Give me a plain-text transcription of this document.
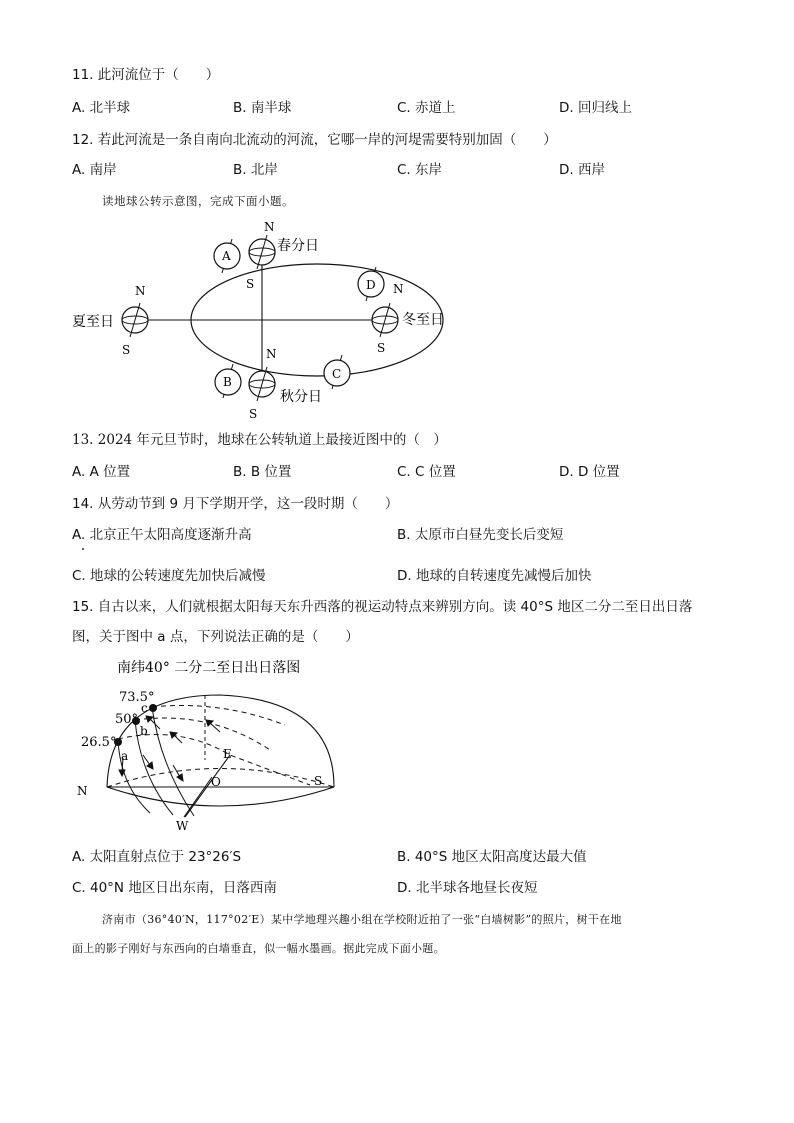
11. 此河流位于（　　）
A. 北半球	B. 南半球	C. 赤道上	D. 回归线上
12. 若此河流是一条自南向北流动的河流，它哪一岸的河堤需要特别加固（　　）
A. 南岸	B. 北岸	C. 东岸	D. 西岸
读地球公转示意图，完成下面小题。
N
S
春分日
N
S
夏至日
N
S
冬至日
N
S
秋分日
A
B
C
D
13. 2024 年元旦节时，地球在公转轨道上最接近图中的（　）
A. A 位置	B. B 位置	C. C 位置	D. D 位置
14. 从劳动节到 9 月下学期开学，这一段时期（　　）
A. 北京正午太阳高度逐渐升高	B. 太原市白昼先变长后变短
C. 地球的公转速度先加快后减慢	D. 地球的自转速度先减慢后加快
15. 自古以来，人们就根据太阳每天东升西落的视运动特点来辨别方向。读 40°S 地区二分二至日出日落
图，关于图中 a 点，下列说法正确的是（　　）
南纬40° 二分二至日出日落图
73.5°
c
50°
b
26.5°
a	E
O
N
S
W
A. 太阳直射点位于 23°26′S	B. 40°S 地区太阳高度达最大值
C. 40°N 地区日出东南，日落西南	D. 北半球各地昼长夜短
济南市（36°40′N，117°02′E）某中学地理兴趣小组在学校附近拍了一张“白墙树影”的照片，树干在地
面上的影子刚好与东西向的白墙垂直，似一幅水墨画。据此完成下面小题。
